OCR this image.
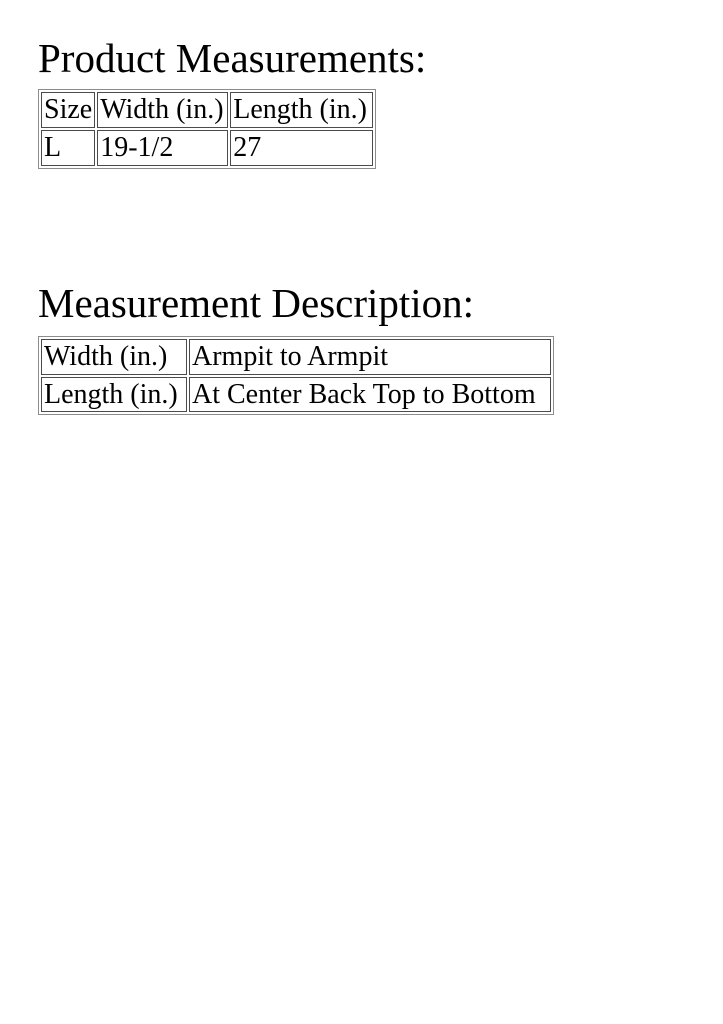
Product Measurements:
Size	Width (in.)	Length (in.)
L	19-1/2	27
Measurement Description:
Width (in.)	Armpit to Armpit
Length (in.)	At Center Back Top to Bottom
